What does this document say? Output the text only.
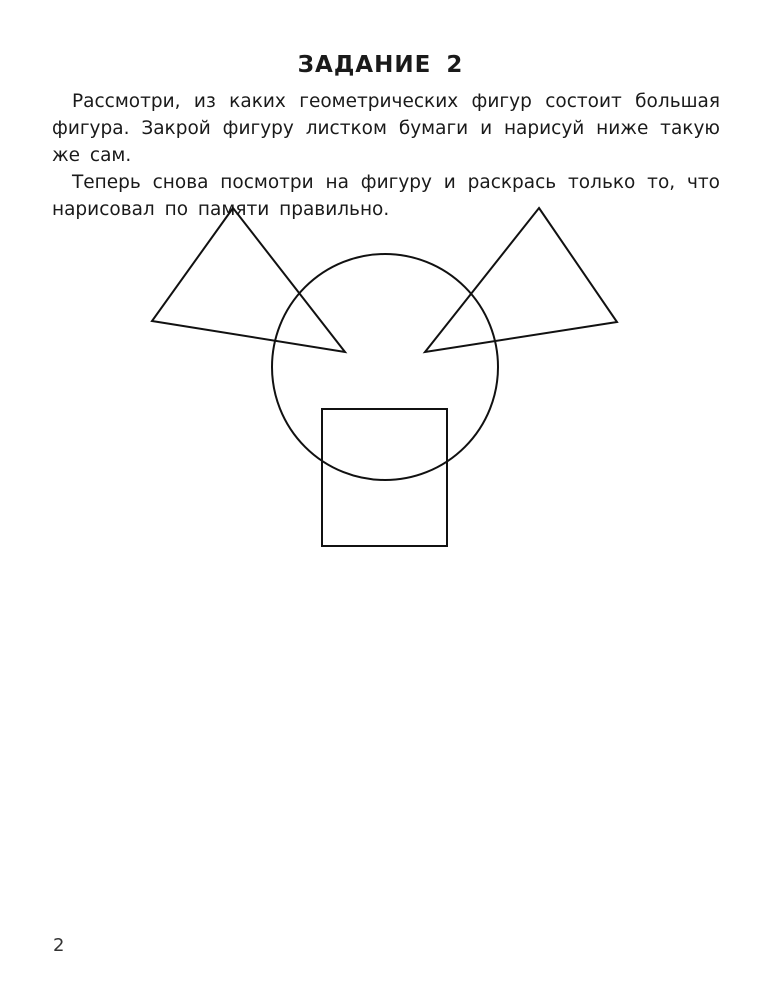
ЗАДАНИЕ 2

Рассмотри, из каких геометрических фигур состоит большая фигура. Закрой фигуру листком бумаги и нарисуй ниже такую же сам.

Теперь снова посмотри на фигуру и раскрась только то, что нарисовал по памяти правильно.

2
